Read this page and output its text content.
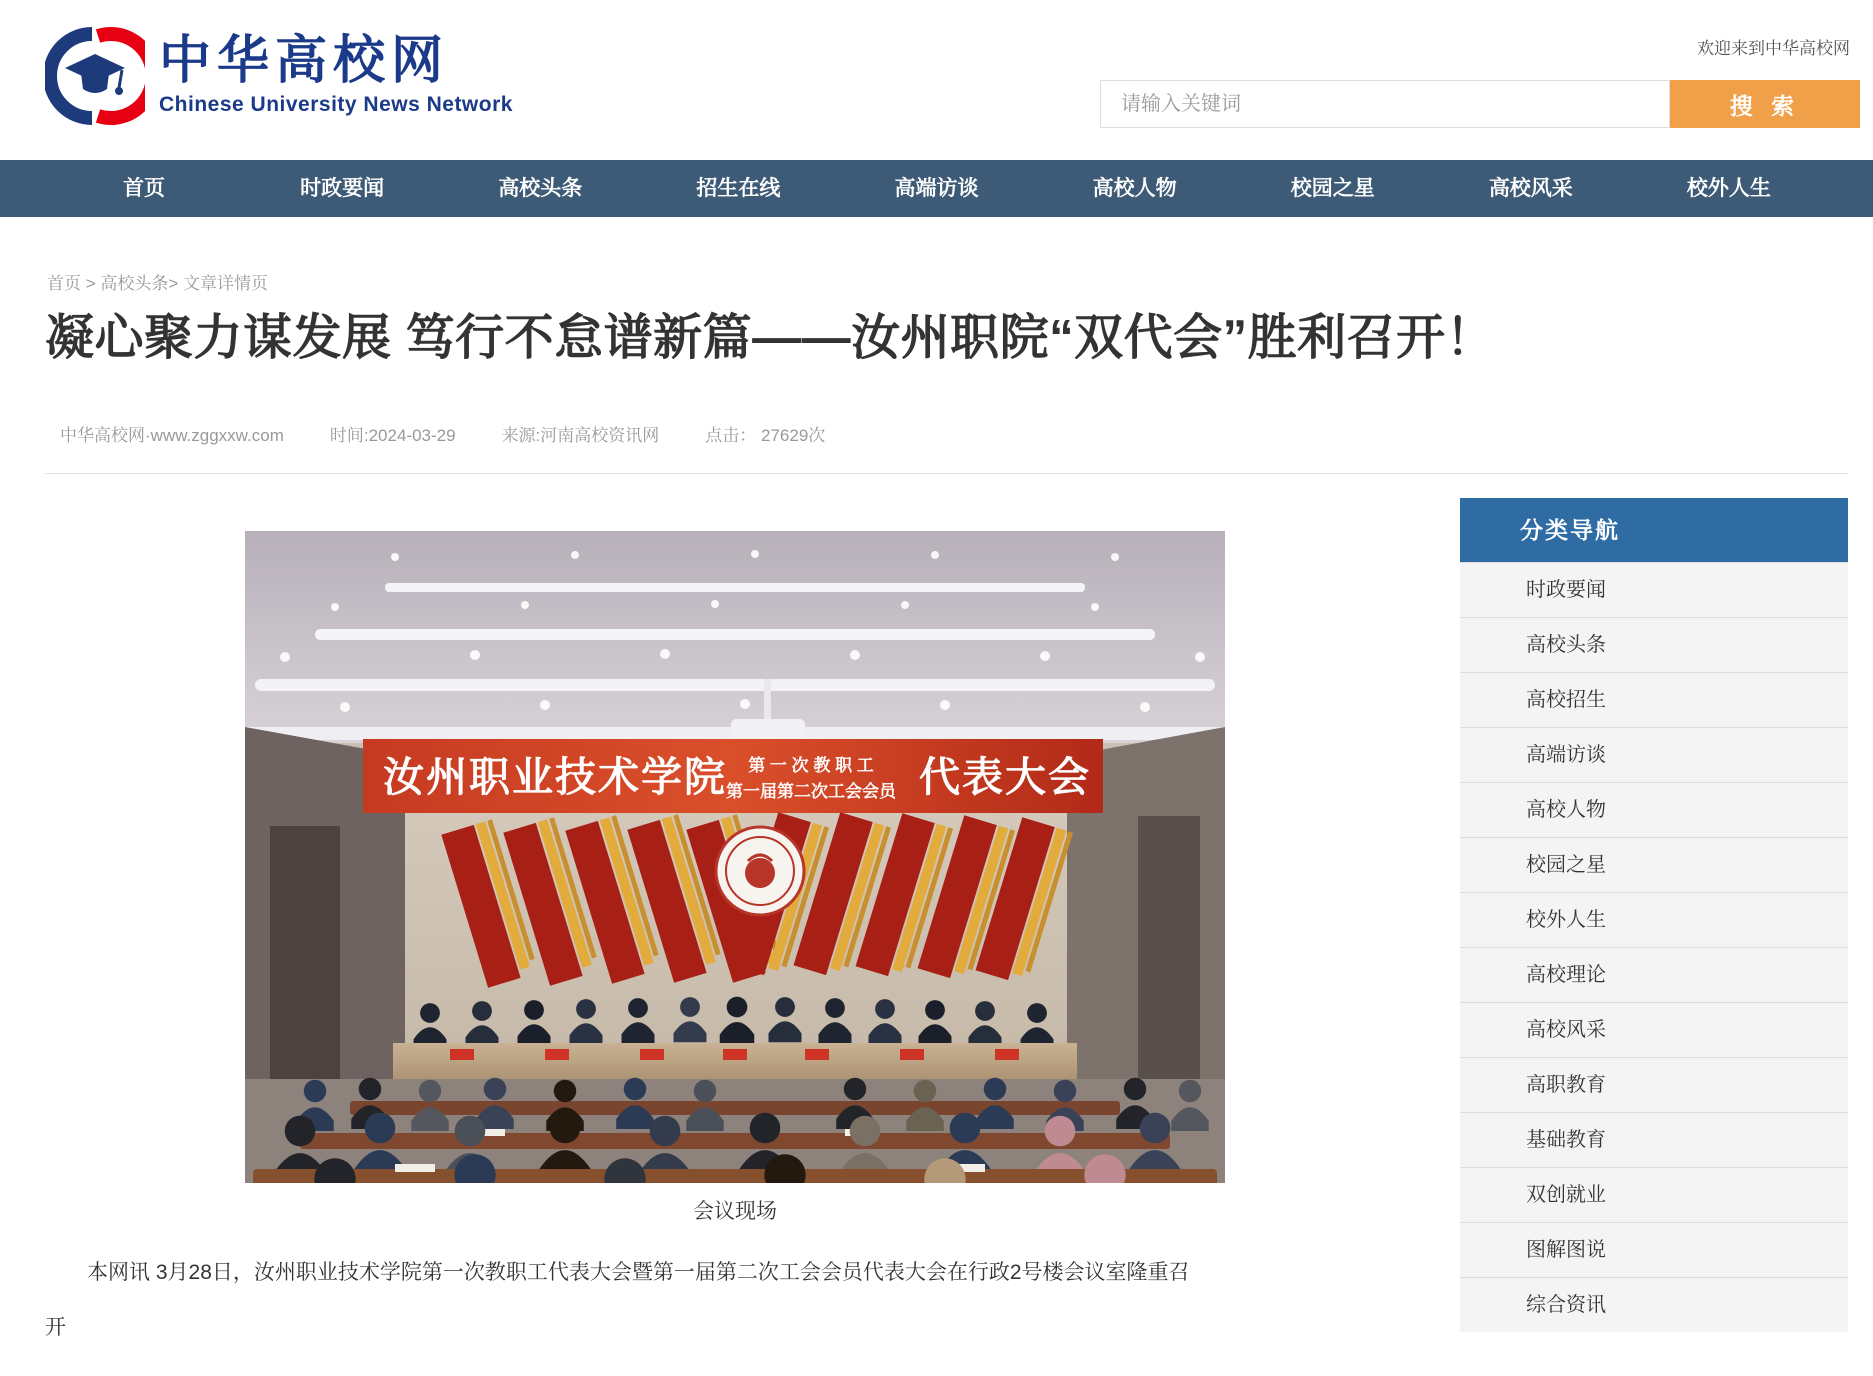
中华高校网
Chinese University News Network
欢迎来到中华高校网
请输入关键词
搜 索
首页	时政要闻	高校头条	招生在线	高端访谈	高校人物	校园之星	高校风采	校外人生
首页 > 高校头条> 文章详情页
凝心聚力谋发展 笃行不怠谱新篇——汝州职院“双代会”胜利召开！
中华高校网·www.zggxxw.com	时间:2024-03-29	来源:河南高校资讯网	点击： 27629次
汝州职业技术学院 第 一 次 教 职 工
第一届第二次工会会员 代表大会
会议现场

本网讯 3月28日，汝州职业技术学院第一次教职工代表大会暨第一届第二次工会会员代表大会在行政2号楼会议室隆重召开

分类导航
时政要闻
高校头条
高校招生
高端访谈
高校人物
校园之星
校外人生
高校理论
高校风采
高职教育
基础教育
双创就业
图解图说
综合资讯
